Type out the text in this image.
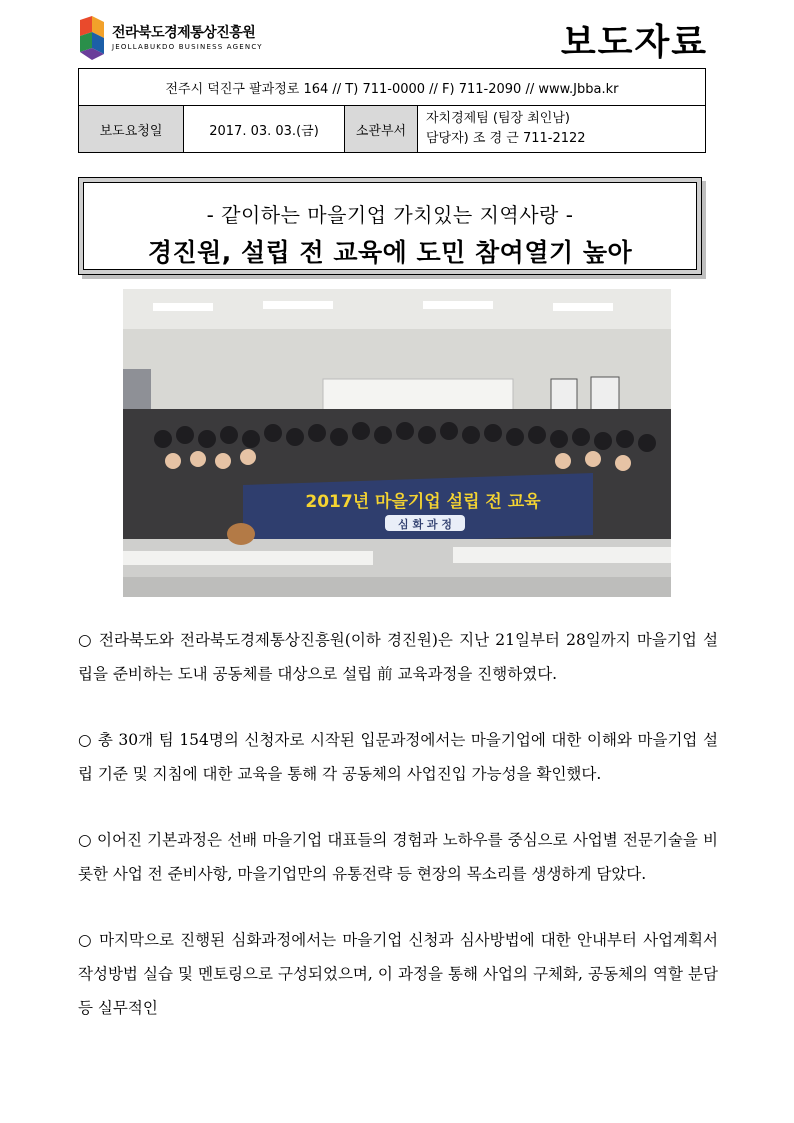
전라북도경제통상진흥원
JEOLLABUKDO BUSINESS AGENCY	보도자료
전주시 덕진구 팔과정로 164 // T) 711-0000 // F) 711-2090 // www.Jbba.kr
보도요청일	2017. 03. 03.(금)	소관부서	
자치경제팀 (팀장 최인남)
담당자) 조 경 근 711-2122
- 같이하는 마을기업 가치있는 지역사랑 -
경진원, 설립 전 교육에 도민 참여열기 높아
2017년 마을기업 설립 전 교육
심 화 과 정

○ 전라북도와 전라북도경제통상진흥원(이하 경진원)은 지난 21일부터 28일까지 마을기업 설립을 준비하는 도내 공동체를 대상으로 설립 前 교육과정을 진행하였다.

○ 총 30개 팀 154명의 신청자로 시작된 입문과정에서는 마을기업에 대한 이해와 마을기업 설립 기준 및 지침에 대한 교육을 통해 각 공동체의 사업진입 가능성을 확인했다.

○ 이어진 기본과정은 선배 마을기업 대표들의 경험과 노하우를 중심으로 사업별 전문기술을 비롯한 사업 전 준비사항, 마을기업만의 유통전략 등 현장의 목소리를 생생하게 담았다.

○ 마지막으로 진행된 심화과정에서는 마을기업 신청과 심사방법에 대한 안내부터 사업계획서 작성방법 실습 및 멘토링으로 구성되었으며, 이 과정을 통해 사업의 구체화, 공동체의 역할 분담 등 실무적인
